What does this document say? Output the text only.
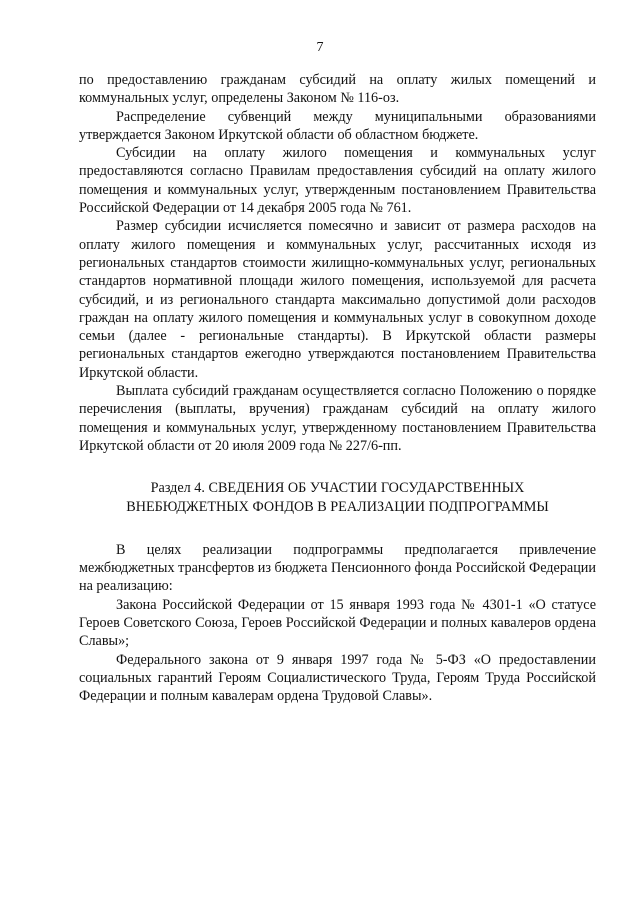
7

по предоставлению гражданам субсидий на оплату жилых помещений и коммунальных услуг, определены Законом № 116-оз.

Распределение субвенций между муниципальными образованиями утверждается Законом Иркутской области об областном бюджете.

Субсидии на оплату жилого помещения и коммунальных услуг предоставляются согласно Правилам предоставления субсидий на оплату жилого помещения и коммунальных услуг, утвержденным постановлением Правительства Российской Федерации от 14 декабря 2005 года № 761.

Размер субсидии исчисляется помесячно и зависит от размера расходов на оплату жилого помещения и коммунальных услуг, рассчитанных исходя из региональных стандартов стоимости жилищно-коммунальных услуг, региональных стандартов нормативной площади жилого помещения, используемой для расчета субсидий, и из регионального стандарта максимально допустимой доли расходов граждан на оплату жилого помещения и коммунальных услуг в совокупном доходе семьи (далее - региональные стандарты). В Иркутской области размеры региональных стандартов ежегодно утверждаются постановлением Правительства Иркутской области.

Выплата субсидий гражданам осуществляется согласно Положению о порядке перечисления (выплаты, вручения) гражданам субсидий на оплату жилого помещения и коммунальных услуг, утвержденному постановлением Правительства Иркутской области от 20 июля 2009 года № 227/6-пп.

Раздел 4. СВЕДЕНИЯ ОБ УЧАСТИИ ГОСУДАРСТВЕННЫХ
ВНЕБЮДЖЕТНЫХ ФОНДОВ В РЕАЛИЗАЦИИ ПОДПРОГРАММЫ

В целях реализации подпрограммы предполагается привлечение межбюджетных трансфертов из бюджета Пенсионного фонда Российской Федерации на реализацию:

Закона Российской Федерации от 15 января 1993 года № 4301-1 «О статусе Героев Советского Союза, Героев Российской Федерации и полных кавалеров ордена Славы»;

Федерального закона от 9 января 1997 года № 5-ФЗ «О предоставлении социальных гарантий Героям Социалистического Труда, Героям Труда Российской Федерации и полным кавалерам ордена Трудовой Славы».
